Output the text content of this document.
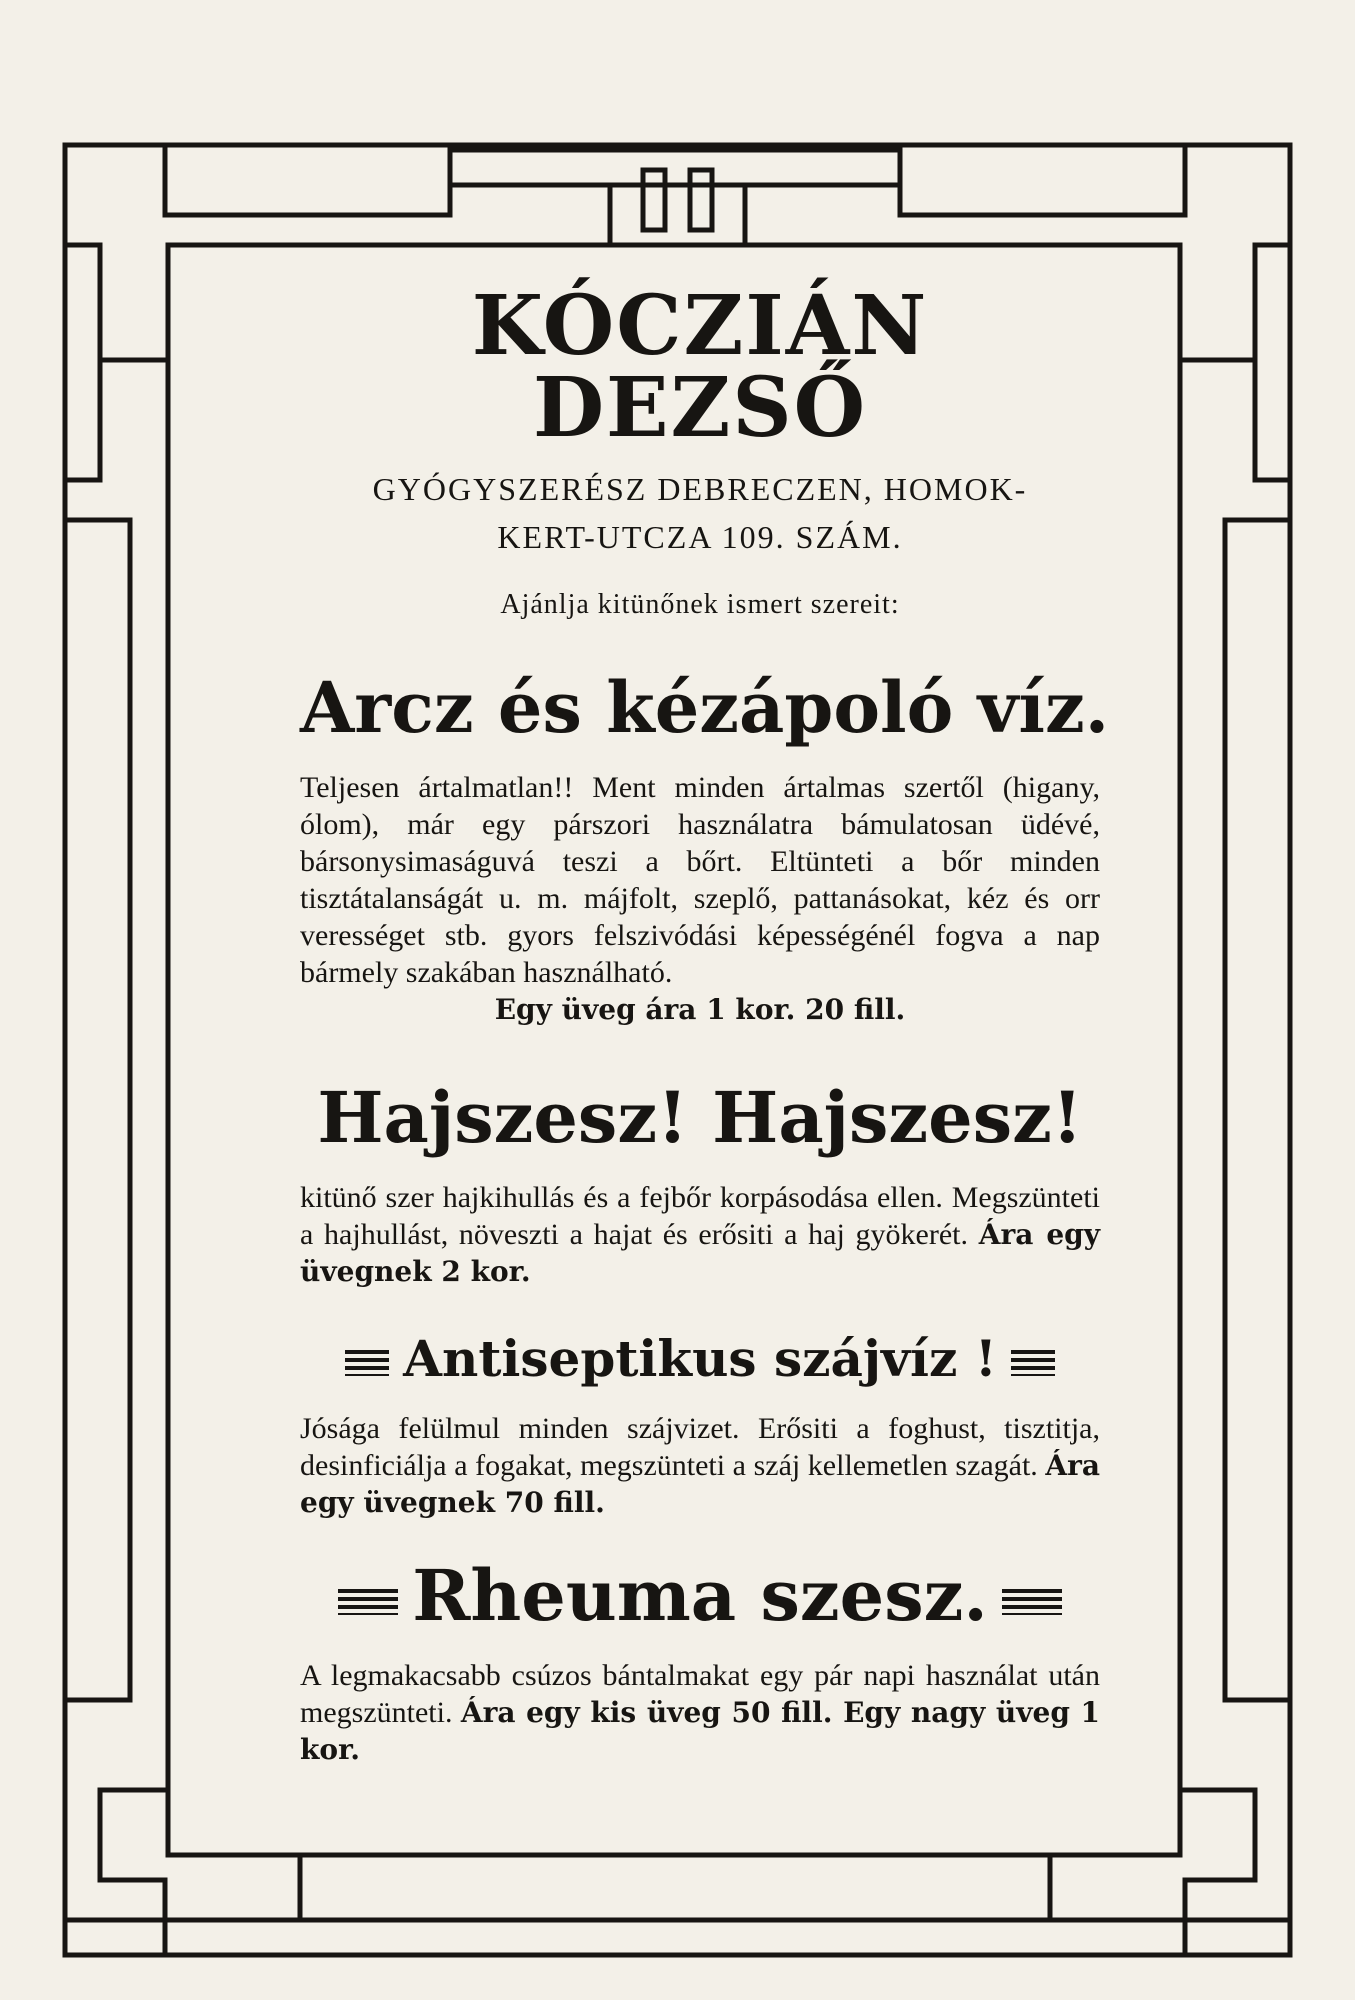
KÓCZIÁN DEZSŐ
GYÓGYSZERÉSZ DEBRECZEN, HOMOK-
KERT-UTCZA 109. SZÁM.
Ajánlja kitünőnek ismert szereit:
Arcz és kézápoló víz.
Teljesen ártalmatlan!! Ment minden ártalmas szertől (higany, ólom), már egy párszori használatra bámulatosan üdévé, bársonysimaságuvá teszi a bőrt. Eltünteti a bőr minden tisztátalanságát u. m. májfolt, szeplő, pattanásokat, kéz és orr verességet stb. gyors felszivódási képességénél fogva a nap bármely szakában használható.
Egy üveg ára 1 kor. 20 fill.
Hajszesz! Hajszesz!
kitünő szer hajkihullás és a fejbőr korpásodása ellen. Megszünteti a hajhullást, növeszti a hajat és erősiti a haj gyökerét. Ára egy üvegnek 2 kor.
Antiseptikus szájvíz !
Jósága felülmul minden szájvizet. Erősiti a foghust, tisztitja, desinficiálja a fogakat, megszünteti a száj kellemetlen szagát. Ára egy üvegnek 70 fill.
Rheuma szesz.
A legmakacsabb csúzos bántalmakat egy pár napi használat után megszünteti. Ára egy kis üveg 50 fill. Egy nagy üveg 1 kor.
